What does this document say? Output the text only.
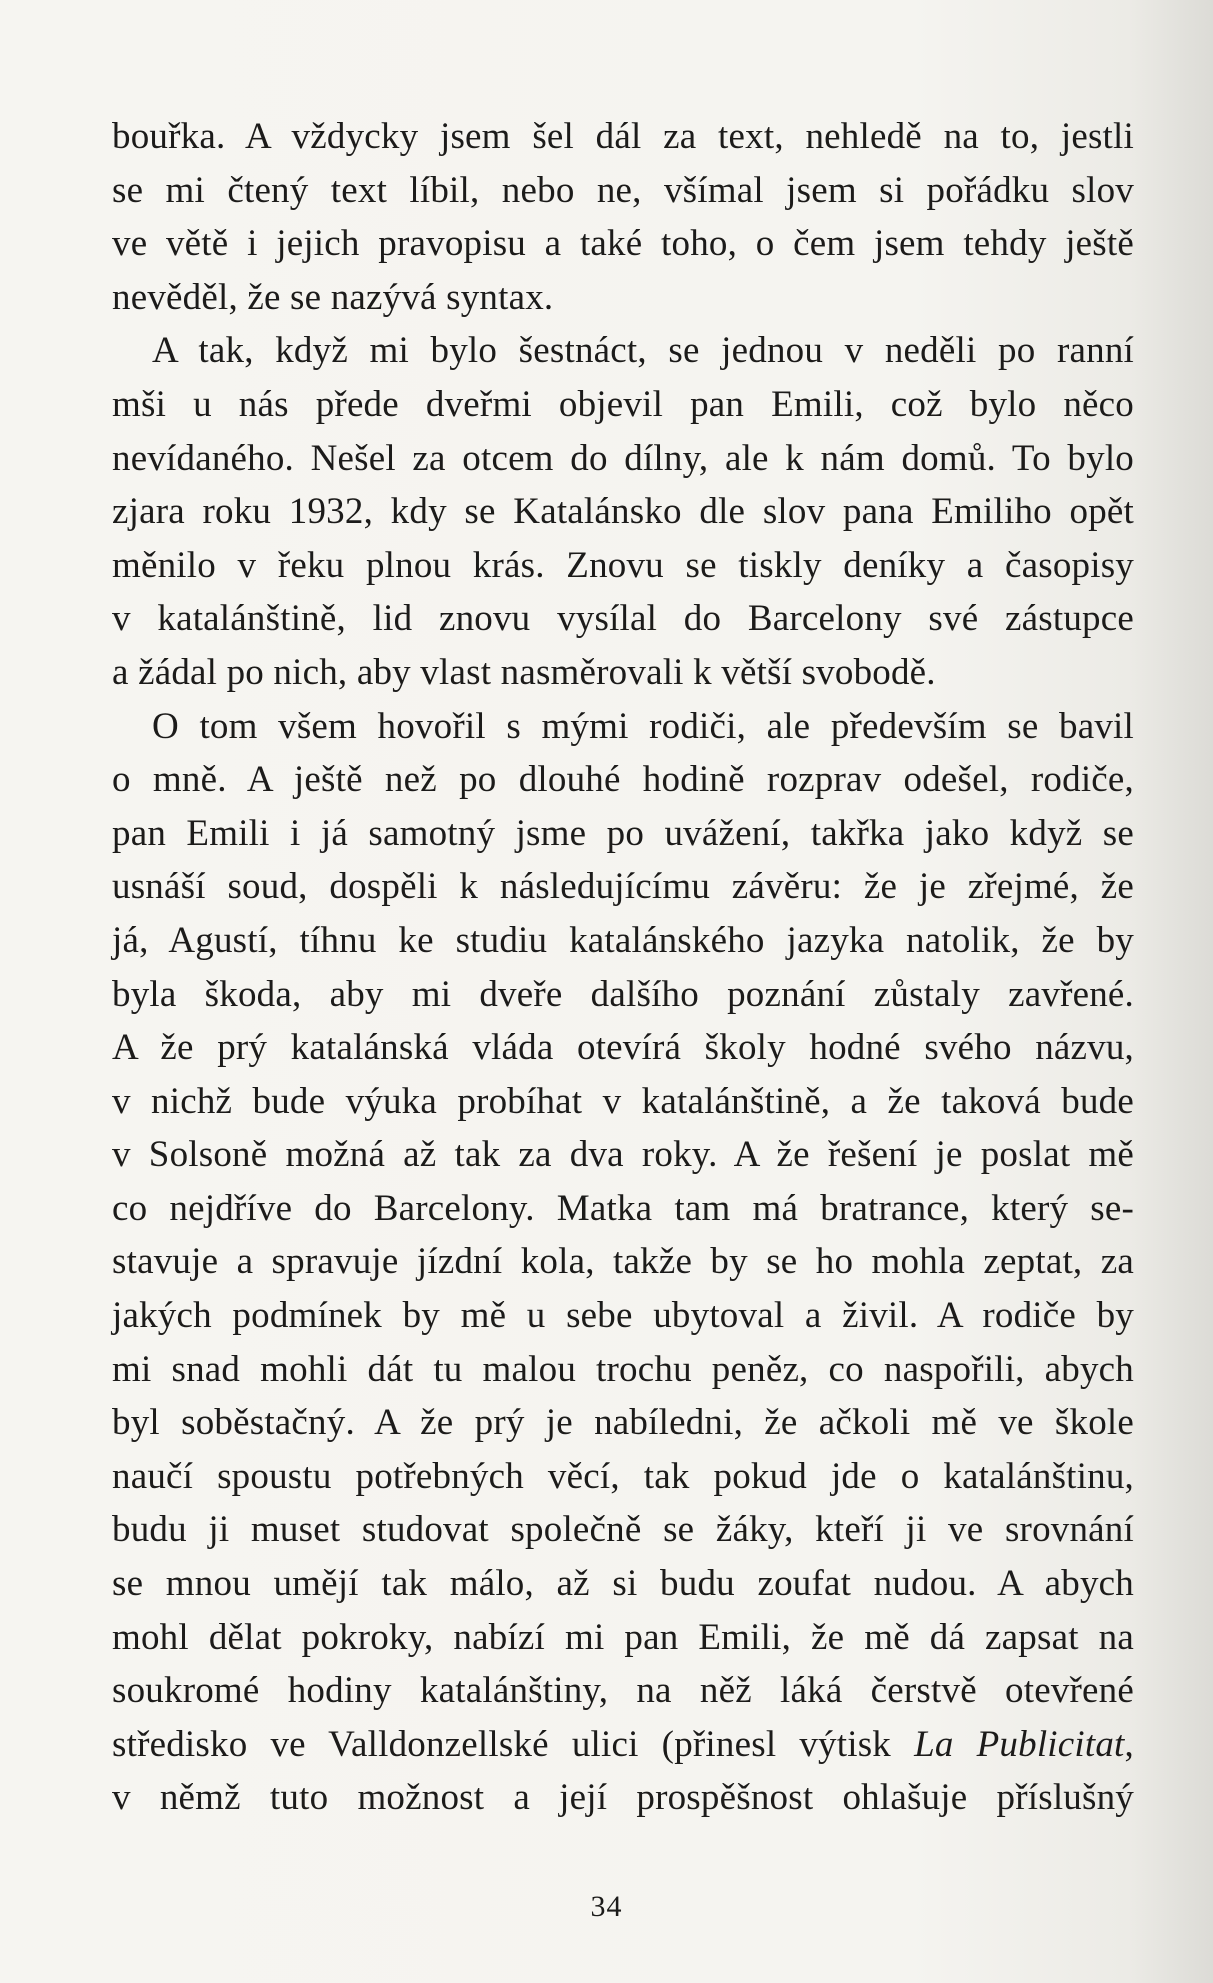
bouřka. A vždycky jsem šel dál za text, nehledě na to, jestli
se mi čtený text líbil, nebo ne, všímal jsem si pořádku slov
ve větě i jejich pravopisu a také toho, o čem jsem tehdy ještě
nevěděl, že se nazývá syntax.
A tak, když mi bylo šestnáct, se jednou v neděli po ranní
mši u nás přede dveřmi objevil pan Emili, což bylo něco
nevídaného. Nešel za otcem do dílny, ale k nám domů. To bylo
zjara roku 1932, kdy se Katalánsko dle slov pana Emiliho opět
měnilo v řeku plnou krás. Znovu se tiskly deníky a časopisy
v katalánštině, lid znovu vysílal do Barcelony své zástupce
a žádal po nich, aby vlast nasměrovali k větší svobodě.
O tom všem hovořil s mými rodiči, ale především se bavil
o mně. A ještě než po dlouhé hodině rozprav odešel, rodiče,
pan Emili i já samotný jsme po uvážení, takřka jako když se
usnáší soud, dospěli k následujícímu závěru: že je zřejmé, že
já, Agustí, tíhnu ke studiu katalánského jazyka natolik, že by
byla škoda, aby mi dveře dalšího poznání zůstaly zavřené.
A že prý katalánská vláda otevírá školy hodné svého názvu,
v nichž bude výuka probíhat v katalánštině, a že taková bude
v Solsoně možná až tak za dva roky. A že řešení je poslat mě
co nejdříve do Barcelony. Matka tam má bratrance, který se-
stavuje a spravuje jízdní kola, takže by se ho mohla zeptat, za
jakých podmínek by mě u sebe ubytoval a živil. A rodiče by
mi snad mohli dát tu malou trochu peněz, co naspořili, abych
byl soběstačný. A že prý je nabíledni, že ačkoli mě ve škole
naučí spoustu potřebných věcí, tak pokud jde o katalánštinu,
budu ji muset studovat společně se žáky, kteří ji ve srovnání
se mnou umějí tak málo, až si budu zoufat nudou. A abych
mohl dělat pokroky, nabízí mi pan Emili, že mě dá zapsat na
soukromé hodiny katalánštiny, na něž láká čerstvě otevřené
středisko ve Valldonzellské ulici (přinesl výtisk La Publicitat,
v němž tuto možnost a její prospěšnost ohlašuje příslušný
34
